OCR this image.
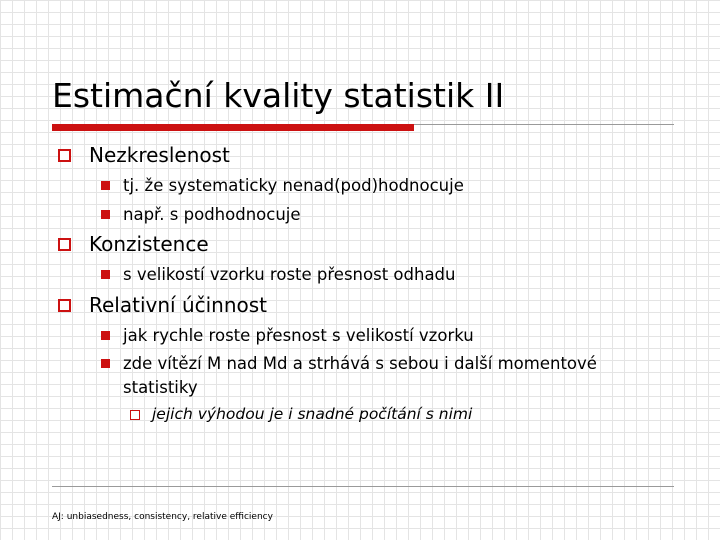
Estimační kvality statistik II
Nezkreslenost
tj. že systematicky nenad(pod)hodnocuje
např. s podhodnocuje
Konzistence
s velikostí vzorku roste přesnost odhadu
Relativní účinnost
jak rychle roste přesnost s velikostí vzorku
zde vítězí M nad Md a strhává s sebou i další momentové
statistiky
jejich výhodou je i snadné počítání s nimi
AJ: unbiasedness, consistency, relative efficiency
